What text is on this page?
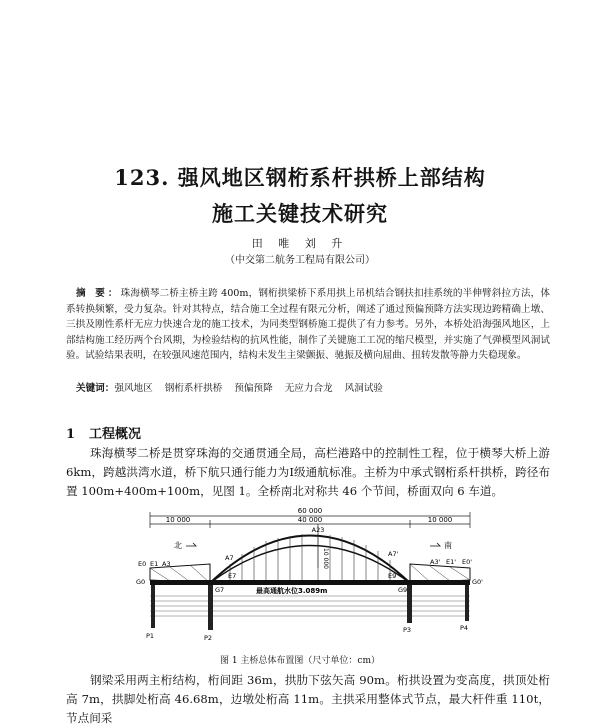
123. 强风地区钢桁系杆拱桥上部结构
施工关键技术研究
田 唯 刘 升
（中交第二航务工程局有限公司）

摘 要：珠海横琴二桥主桥主跨 400m，钢桁拱梁桥下系用拱上吊机结合钢扶扣挂系统的半伸臂斜拉方法，体系转换频繁，受力复杂。针对其特点，结合施工全过程有限元分析，阐述了通过预偏预降方法实现边跨精确上墩、三拱及刚性系杆无应力快速合龙的施工技术，为同类型钢桥施工提供了有力参考。另外，本桥处沿海强风地区，上部结构施工经历两个台风期，为检验结构的抗风性能，制作了关键施工工况的缩尺模型，并实施了气弹模型风洞试验。试验结果表明，在较强风速范围内，结构未发生主梁颤振、驰振及横向屈曲、扭转发散等静力失稳现象。

关键词：强风地区 钢桁系杆拱桥 预偏预降 无应力合龙 风洞试验
1 工程概况

珠海横琴二桥是贯穿珠海的交通贯通全局，高栏港路中的控制性工程，位于横琴大桥上游 6km，跨越洪湾水道，桥下航只通行能力为Ⅰ级通航标准。主桥为中承式钢桁系杆拱桥，跨径布置 100m+400m+100m，见图 1。全桥南北对称共 46 个节间，桥面双向 6 车道。

60 000
40 000
10 000	10 000
10 000
最高通航水位3.089m
A23
A7	A7'
E0 E1 A3	A3' E1' E0'
G0	G0'
G7
E7	E9
G9
P1	P2
P3	P4
北	南
图 1 主桥总体布置图（尺寸单位：cm）

钢梁采用两主桁结构，桁间距 36m，拱肋下弦矢高 90m。桁拱设置为变高度，拱顶处桁高 7m，拱脚处桁高 46.68m，边墩处桁高 11m。主拱采用整体式节点，最大杆件重 110t，节点间采
